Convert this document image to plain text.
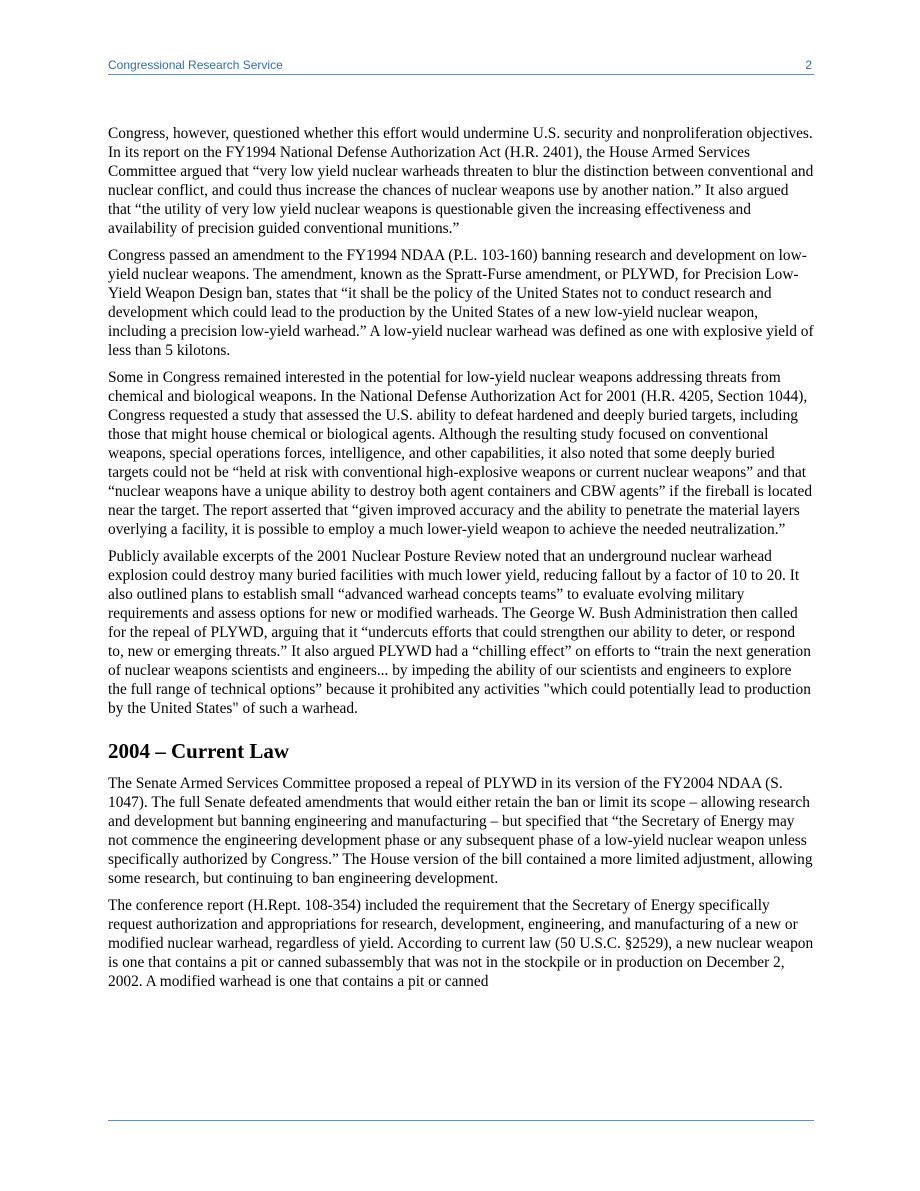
Congressional Research Service	2

Congress, however, questioned whether this effort would undermine U.S. security and nonproliferation objectives. In its report on the FY1994 National Defense Authorization Act (H.R. 2401), the House Armed Services Committee argued that “very low yield nuclear warheads threaten to blur the distinction between conventional and nuclear conflict, and could thus increase the chances of nuclear weapons use by another nation.” It also argued that “the utility of very low yield nuclear weapons is questionable given the increasing effectiveness and availability of precision guided conventional munitions.”

Congress passed an amendment to the FY1994 NDAA (P.L. 103-160) banning research and development on low-yield nuclear weapons. The amendment, known as the Spratt-Furse amendment, or PLYWD, for Precision Low-Yield Weapon Design ban, states that “it shall be the policy of the United States not to conduct research and development which could lead to the production by the United States of a new low-yield nuclear weapon, including a precision low-yield warhead.” A low-yield nuclear warhead was defined as one with explosive yield of less than 5 kilotons.

Some in Congress remained interested in the potential for low-yield nuclear weapons addressing threats from chemical and biological weapons. In the National Defense Authorization Act for 2001 (H.R. 4205, Section 1044), Congress requested a study that assessed the U.S. ability to defeat hardened and deeply buried targets, including those that might house chemical or biological agents. Although the resulting study focused on conventional weapons, special operations forces, intelligence, and other capabilities, it also noted that some deeply buried targets could not be “held at risk with conventional high-explosive weapons or current nuclear weapons” and that “nuclear weapons have a unique ability to destroy both agent containers and CBW agents” if the fireball is located near the target. The report asserted that “given improved accuracy and the ability to penetrate the material layers overlying a facility, it is possible to employ a much lower-yield weapon to achieve the needed neutralization.”

Publicly available excerpts of the 2001 Nuclear Posture Review noted that an underground nuclear warhead explosion could destroy many buried facilities with much lower yield, reducing fallout by a factor of 10 to 20. It also outlined plans to establish small “advanced warhead concepts teams” to evaluate evolving military requirements and assess options for new or modified warheads. The George W. Bush Administration then called for the repeal of PLYWD, arguing that it “undercuts efforts that could strengthen our ability to deter, or respond to, new or emerging threats.” It also argued PLYWD had a “chilling effect” on efforts to “train the next generation of nuclear weapons scientists and engineers... by impeding the ability of our scientists and engineers to explore the full range of technical options” because it prohibited any activities "which could potentially lead to production by the United States" of such a warhead.

2004 – Current Law

The Senate Armed Services Committee proposed a repeal of PLYWD in its version of the FY2004 NDAA (S. 1047). The full Senate defeated amendments that would either retain the ban or limit its scope – allowing research and development but banning engineering and manufacturing – but specified that “the Secretary of Energy may not commence the engineering development phase or any subsequent phase of a low-yield nuclear weapon unless specifically authorized by Congress.” The House version of the bill contained a more limited adjustment, allowing some research, but continuing to ban engineering development.

The conference report (H.Rept. 108-354) included the requirement that the Secretary of Energy specifically request authorization and appropriations for research, development, engineering, and manufacturing of a new or modified nuclear warhead, regardless of yield. According to current law (50 U.S.C. §2529), a new nuclear weapon is one that contains a pit or canned subassembly that was not in the stockpile or in production on December 2, 2002. A modified warhead is one that contains a pit or canned
